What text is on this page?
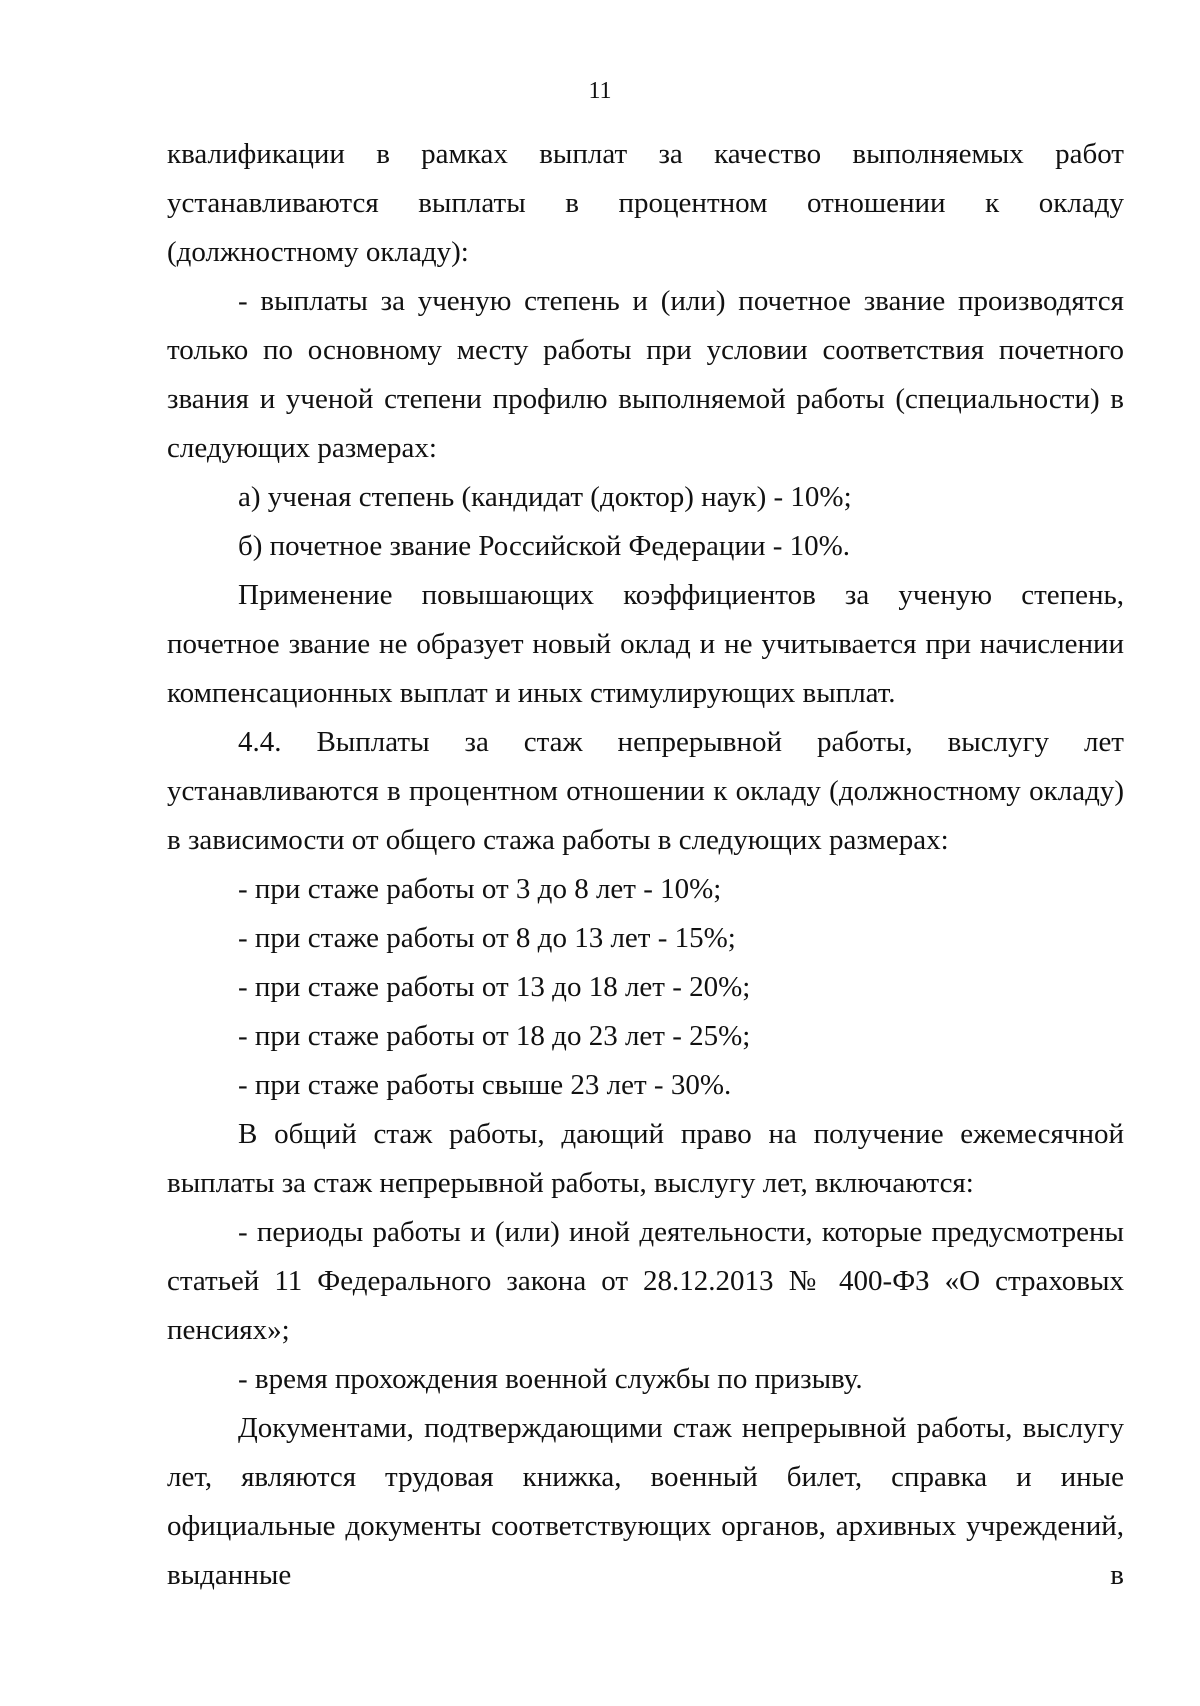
11

квалификации в рамках выплат за качество выполняемых работ устанавливаются выплаты в процентном отношении к окладу (должностному окладу):

- выплаты за ученую степень и (или) почетное звание производятся только по основному месту работы при условии соответствия почетного звания и ученой степени профилю выполняемой работы (специальности) в следующих размерах:

а) ученая степень (кандидат (доктор) наук) - 10%;

б) почетное звание Российской Федерации - 10%.

Применение повышающих коэффициентов за ученую степень, почетное звание не образует новый оклад и не учитывается при начислении компенсационных выплат и иных стимулирующих выплат.

4.4. Выплаты за стаж непрерывной работы, выслугу лет устанавливаются в процентном отношении к окладу (должностному окладу) в зависимости от общего стажа работы в следующих размерах:

- при стаже работы от 3 до 8 лет - 10%;

- при стаже работы от 8 до 13 лет - 15%;

- при стаже работы от 13 до 18 лет - 20%;

- при стаже работы от 18 до 23 лет - 25%;

- при стаже работы свыше 23 лет - 30%.

В общий стаж работы, дающий право на получение ежемесячной выплаты за стаж непрерывной работы, выслугу лет, включаются:

- периоды работы и (или) иной деятельности, которые предусмотрены статьей 11 Федерального закона от 28.12.2013 № 400-ФЗ «О страховых пенсиях»;

- время прохождения военной службы по призыву.

Документами, подтверждающими стаж непрерывной работы, выслугу лет, являются трудовая книжка, военный билет, справка и иные официальные документы соответствующих органов, архивных учреждений, выданные в
